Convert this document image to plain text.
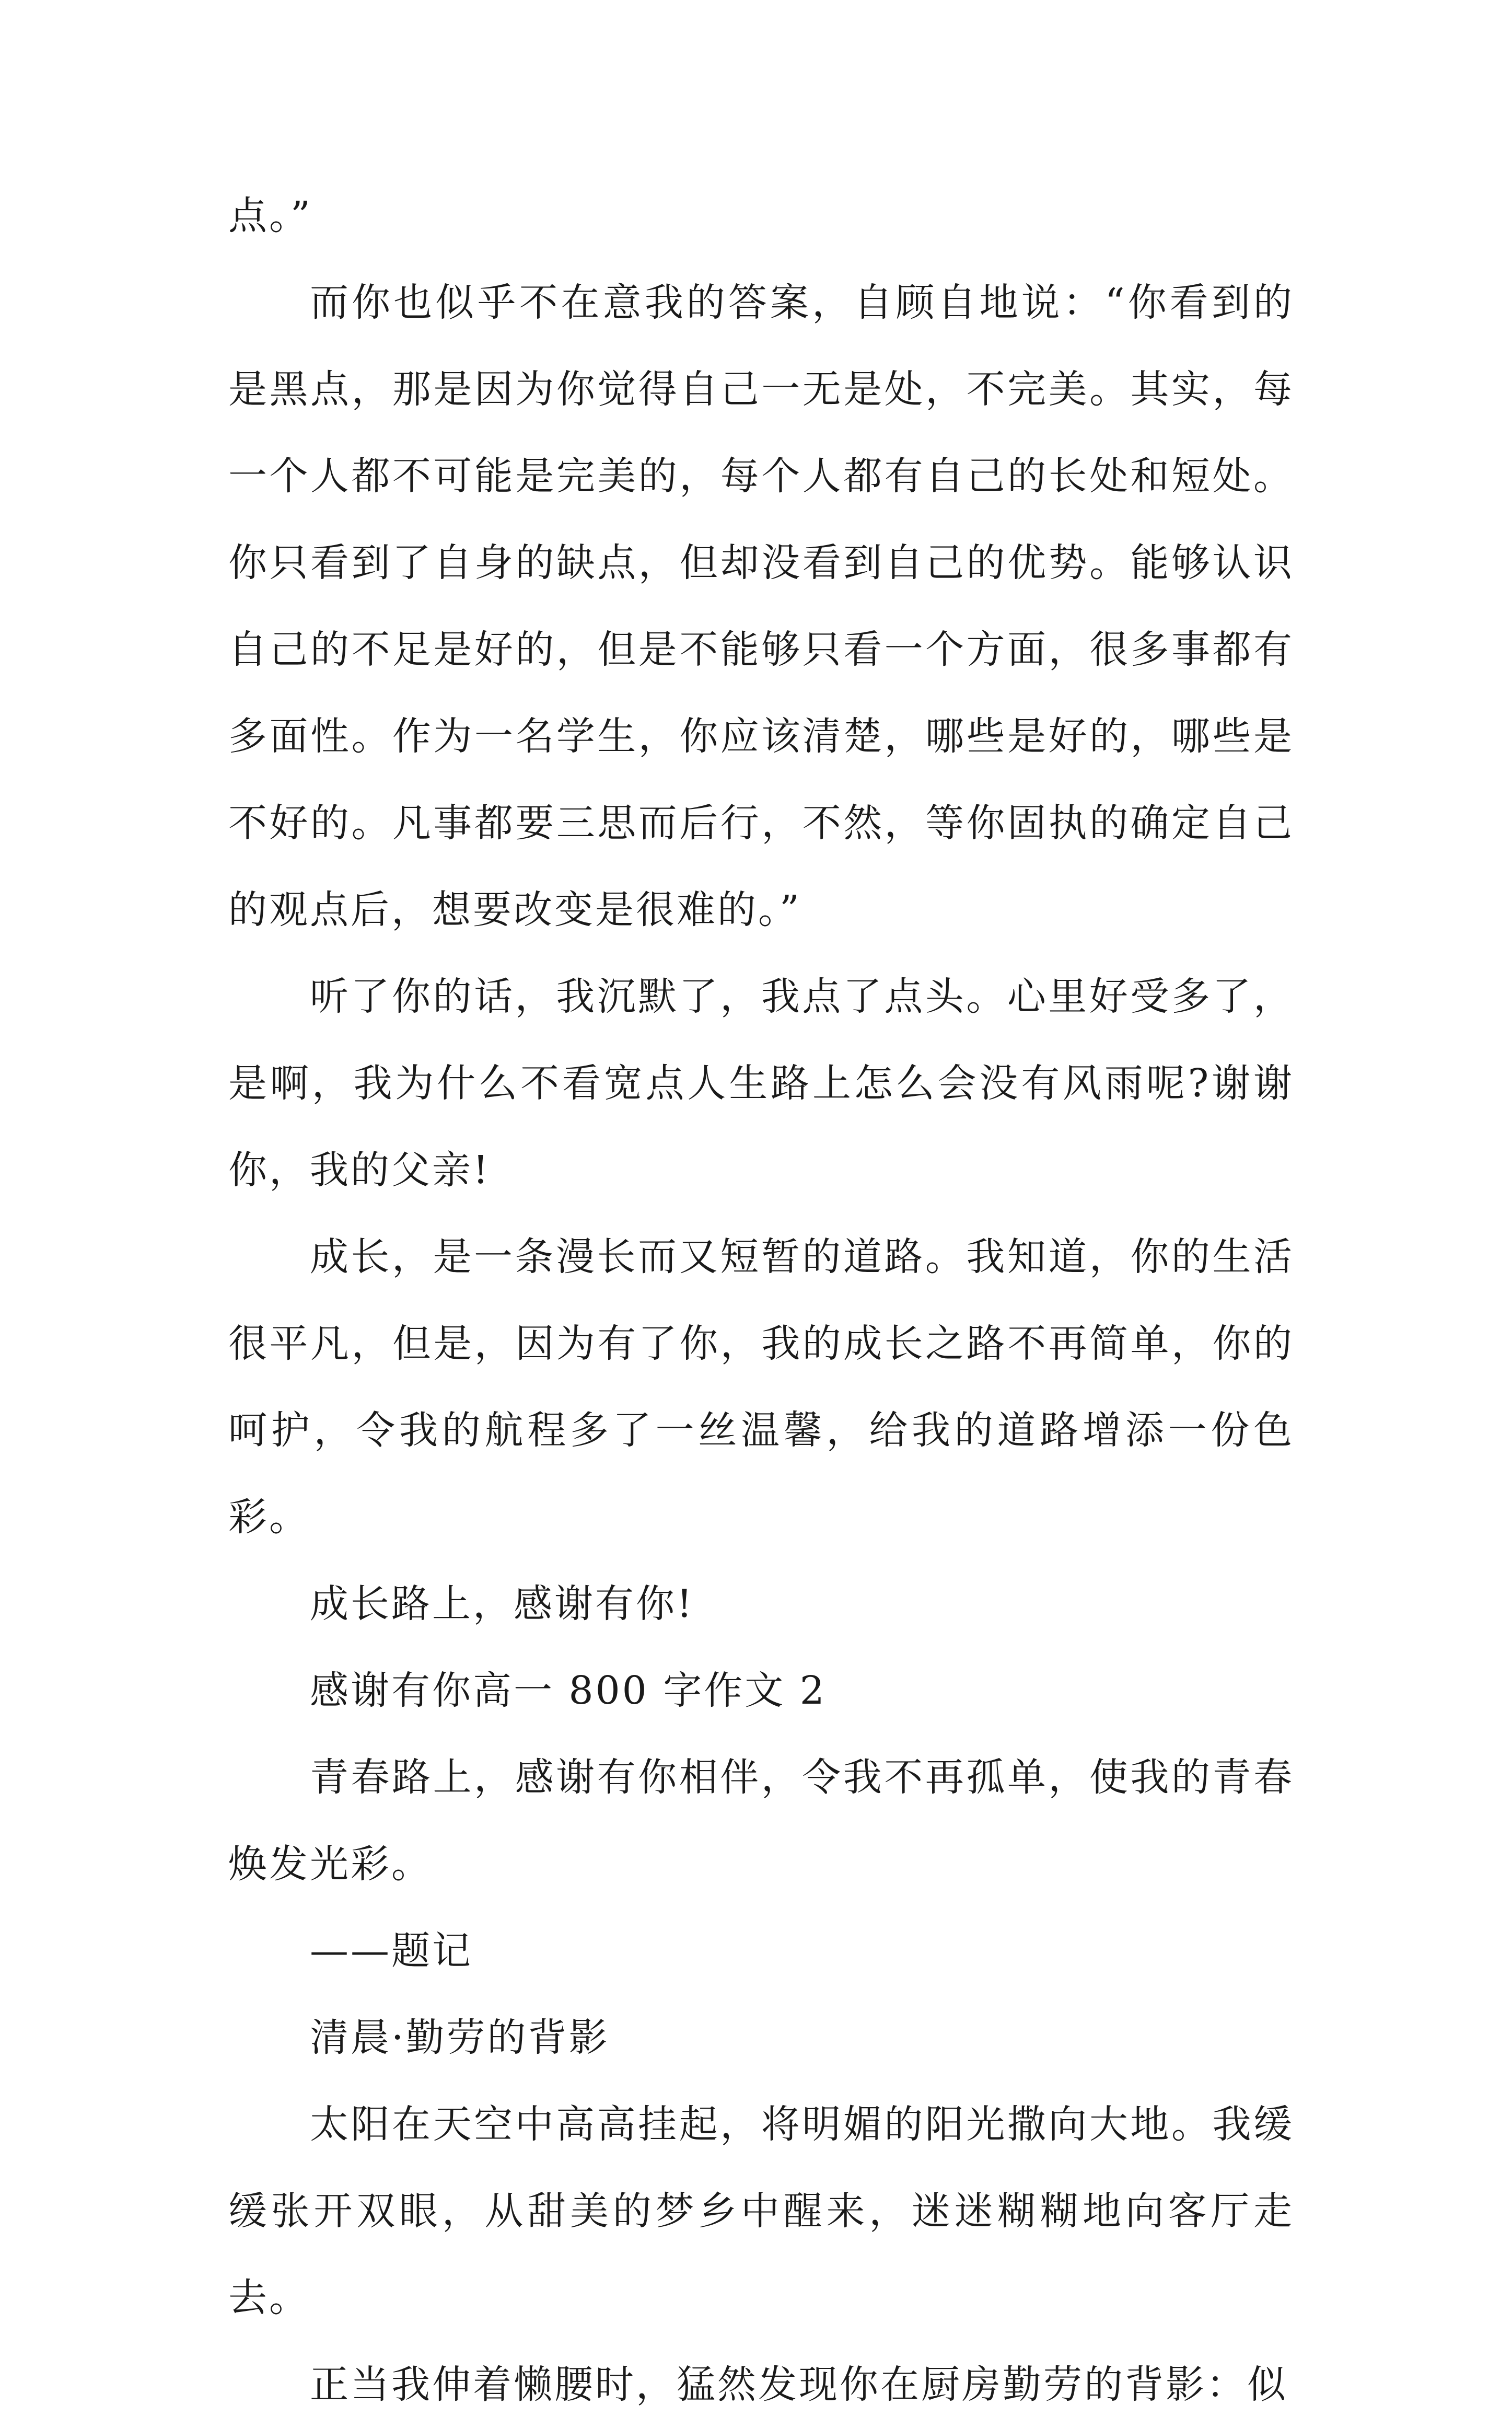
点。”

而你也似乎不在意我的答案，自顾自地说：“你看到的是黑点，那是因为你觉得自己一无是处，不完美。其实，每一个人都不可能是完美的，每个人都有自己的长处和短处。你只看到了自身的缺点，但却没看到自己的优势。能够认识自己的不足是好的，但是不能够只看一个方面，很多事都有多面性。作为一名学生，你应该清楚，哪些是好的，哪些是不好的。凡事都要三思而后行，不然，等你固执的确定自己的观点后，想要改变是很难的。”

听了你的话，我沉默了，我点了点头。心里好受多了，是啊，我为什么不看宽点人生路上怎么会没有风雨呢?谢谢你，我的父亲!

成长，是一条漫长而又短暂的道路。我知道，你的生活很平凡，但是，因为有了你，我的成长之路不再简单，你的呵护，令我的航程多了一丝温馨，给我的道路增添一份色彩。

成长路上，感谢有你!

感谢有你高一 800 字作文 2

青春路上，感谢有你相伴，令我不再孤单，使我的青春焕发光彩。

——题记

清晨·勤劳的背影

太阳在天空中高高挂起，将明媚的阳光撒向大地。我缓缓张开双眼，从甜美的梦乡中醒来，迷迷糊糊地向客厅走去。

正当我伸着懒腰时，猛然发现你在厨房勤劳的背影：似
